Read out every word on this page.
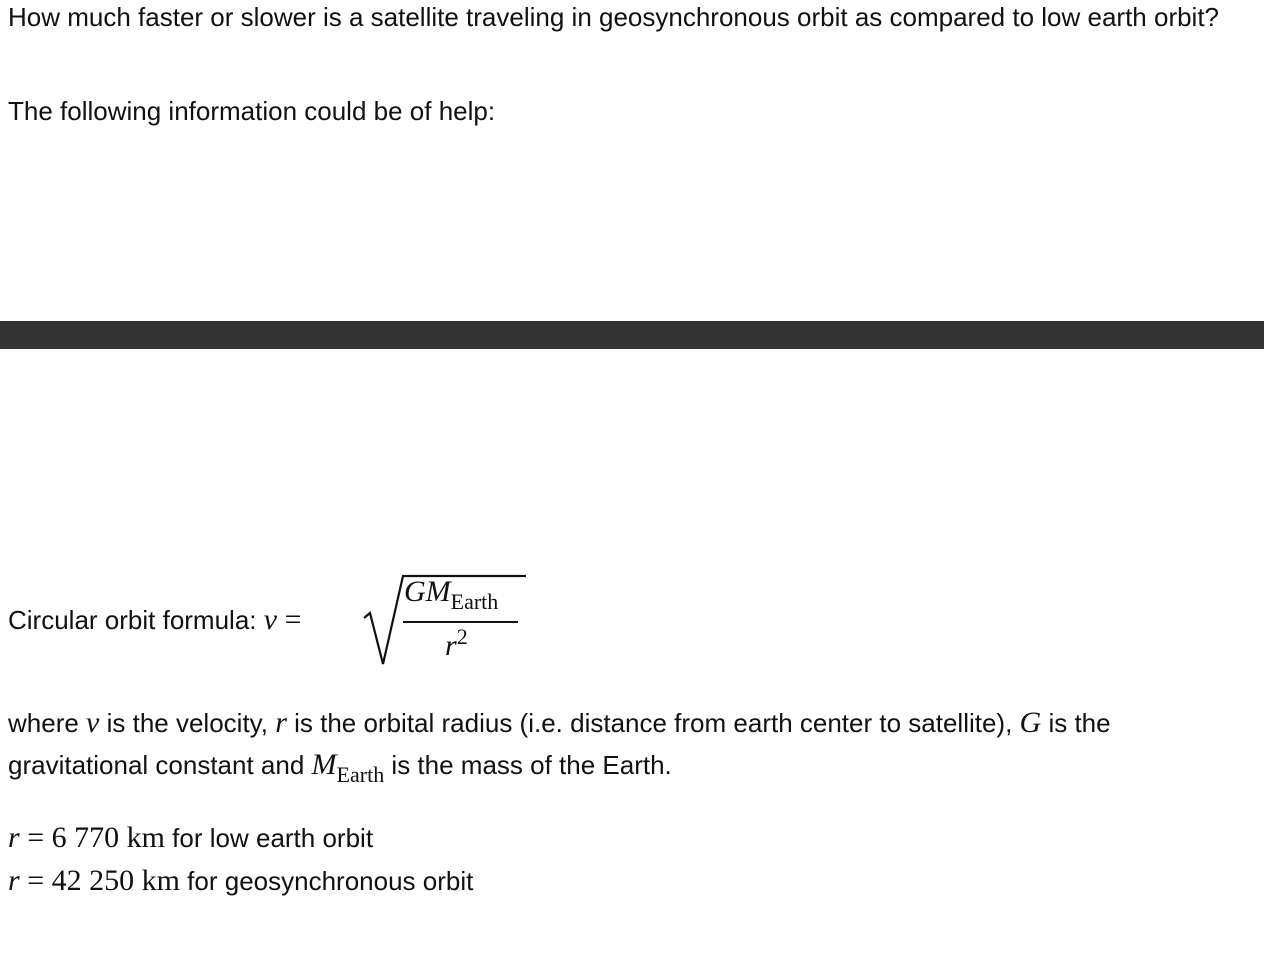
How much faster or slower is a satellite traveling in geosynchronous orbit as compared to low earth orbit?

The following information could be of help:

Circular orbit formula: v =
GMEarth
r2

where v is the velocity, r is the orbital radius (i.e. distance from earth center to satellite), G is the gravitational constant and $M_{Earth}$ is the mass of the Earth.

r = 6 770 km for low earth orbit

r = 42 250 km for geosynchronous orbit
